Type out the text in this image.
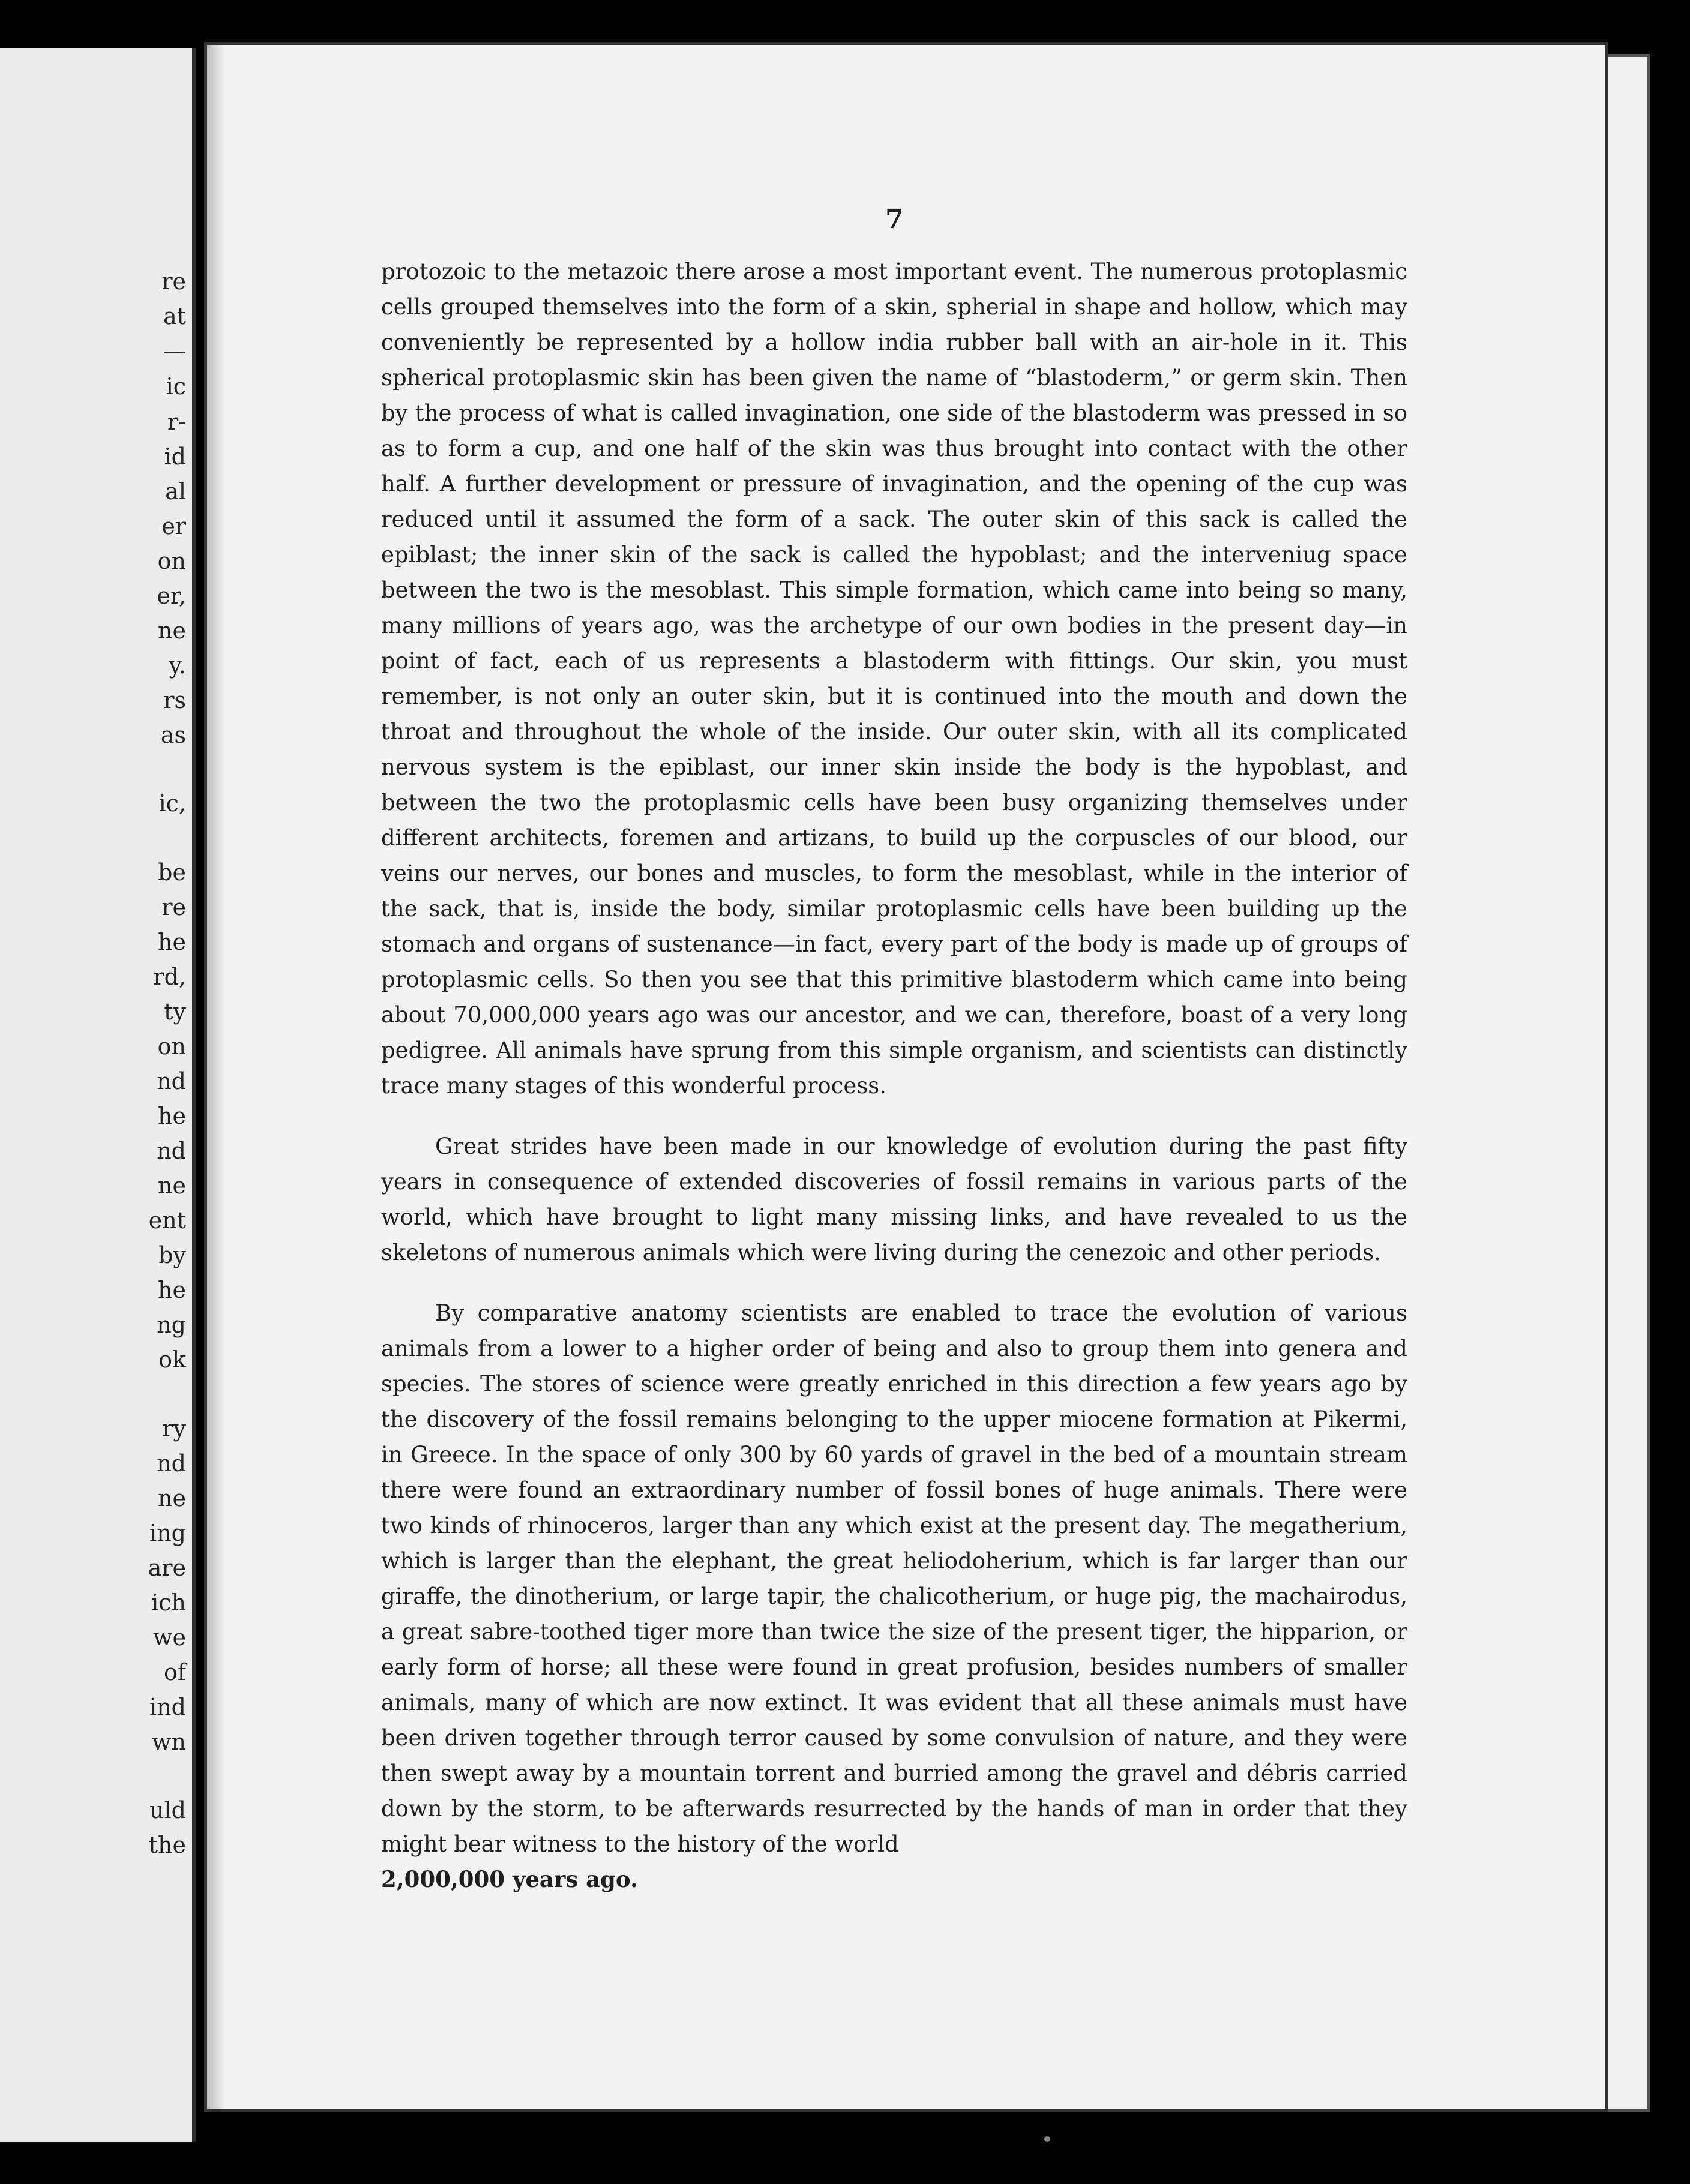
re
at
—
ic
r-
id
al
er
on
er,
ne
y.
rs
as
ic,
be
re
he
rd,
ty
on
nd
he
nd
ne
ent
by
he
ng
ok
ry
nd
ne
ing
are
ich
we
of
ind
wn
uld
the
7

protozoic to the metazoic there arose a most important event. The numerous protoplasmic cells grouped themselves into the form of a skin, spherial in shape and hollow, which may conveniently be represented by a hollow india rubber ball with an air-hole in it. This spherical protoplasmic skin has been given the name of “blastoderm,” or germ skin. Then by the process of what is called invagination, one side of the blastoderm was pressed in so as to form a cup, and one half of the skin was thus brought into contact with the other half. A further development or pressure of invagination, and the opening of the cup was reduced until it assumed the form of a sack. The outer skin of this sack is called the epiblast; the inner skin of the sack is called the hypoblast; and the interveniug space between the two is the mesoblast. This simple formation, which came into being so many, many millions of years ago, was the archetype of our own bodies in the present day—in point of fact, each of us represents a blastoderm with fittings. Our skin, you must remember, is not only an outer skin, but it is continued into the mouth and down the throat and throughout the whole of the inside. Our outer skin, with all its complicated nervous system is the epiblast, our inner skin inside the body is the hypoblast, and between the two the protoplasmic cells have been busy organizing themselves under different architects, foremen and artizans, to build up the corpuscles of our blood, our veins our nerves, our bones and muscles, to form the mesoblast, while in the interior of the sack, that is, inside the body, similar protoplasmic cells have been building up the stomach and organs of sustenance—in fact, every part of the body is made up of groups of protoplasmic cells. So then you see that this primitive blastoderm which came into being about 70,000,000 years ago was our ancestor, and we can, therefore, boast of a very long pedigree. All animals have sprung from this simple organism, and scientists can distinctly trace many stages of this wonderful process.

Great strides have been made in our knowledge of evolution during the past fifty years in consequence of extended discoveries of fossil remains in various parts of the world, which have brought to light many missing links, and have revealed to us the skeletons of numerous animals which were living during the cenezoic and other periods.

By comparative anatomy scientists are enabled to trace the evolution of various animals from a lower to a higher order of being and also to group them into genera and species. The stores of science were greatly enriched in this direction a few years ago by the discovery of the fossil remains belonging to the upper miocene formation at Pikermi, in Greece. In the space of only 300 by 60 yards of gravel in the bed of a mountain stream there were found an extraordinary number of fossil bones of huge animals. There were two kinds of rhinoceros, larger than any which exist at the present day. The megatherium, which is larger than the elephant, the great heliodoherium, which is far larger than our giraffe, the dinotherium, or large tapir, the chalicotherium, or huge pig, the machairodus, a great sabre-toothed tiger more than twice the size of the present tiger, the hipparion, or early form of horse; all these were found in great profusion, besides numbers of smaller animals, many of which are now extinct. It was evident that all these animals must have been driven together through terror caused by some convulsion of nature, and they were then swept away by a mountain torrent and burried among the gravel and débris carried down by the storm, to be afterwards resurrected by the hands of man in order that they might bear witness to the history of the world

2,000,000 years ago.
